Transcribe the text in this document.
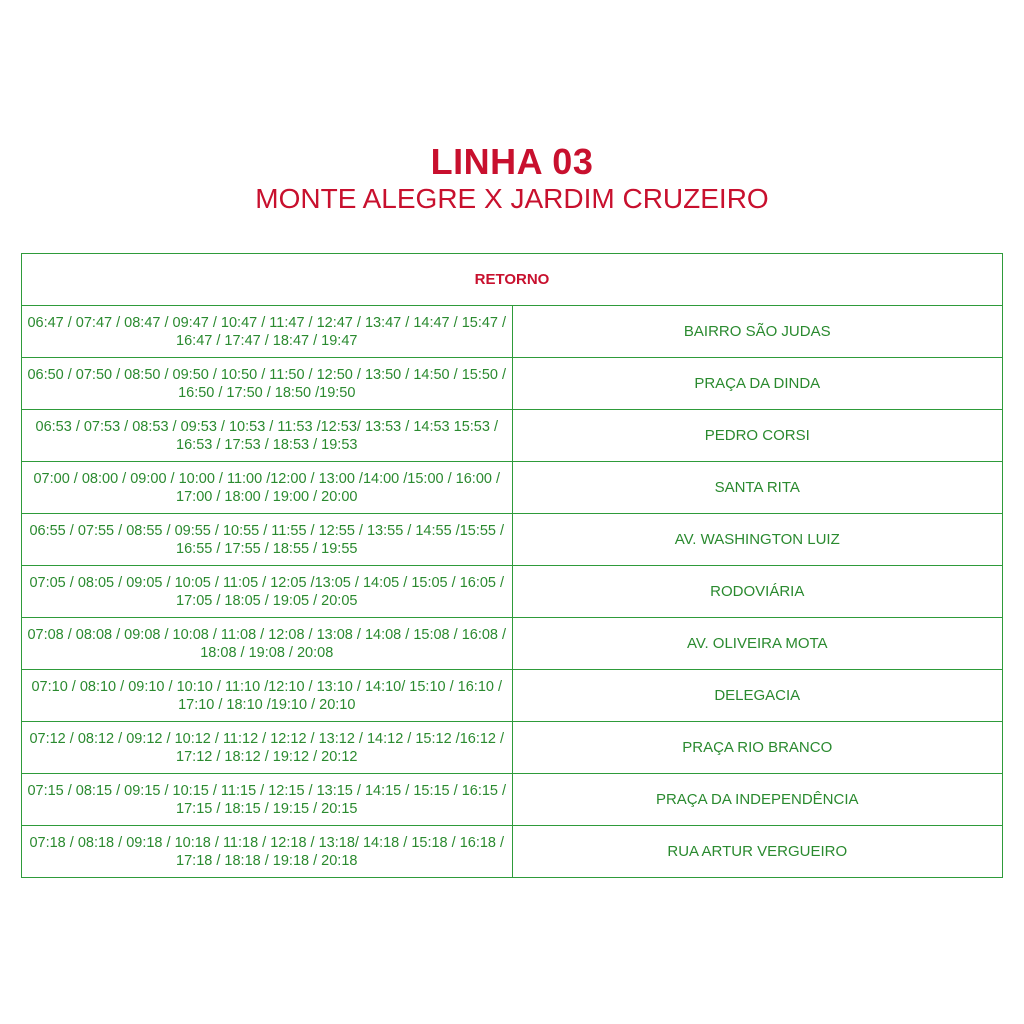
LINHA 03
MONTE ALEGRE X JARDIM CRUZEIRO
RETORNO	
06:47 / 07:47 / 08:47 / 09:47 / 10:47 / 11:47 / 12:47 / 13:47 / 14:47 / 15:47 / 16:47 / 17:47 / 18:47 / 19:47	BAIRRO SÃO JUDAS
06:50 / 07:50 / 08:50 / 09:50 / 10:50 / 11:50 / 12:50 / 13:50 / 14:50 / 15:50 / 16:50 / 17:50 / 18:50 /19:50	PRAÇA DA DINDA
06:53 / 07:53 / 08:53 / 09:53 / 10:53 / 11:53 /12:53/ 13:53 / 14:53 15:53 / 16:53 / 17:53 / 18:53 / 19:53	PEDRO CORSI
07:00 / 08:00 / 09:00 / 10:00 / 11:00 /12:00 / 13:00 /14:00 /15:00 / 16:00 / 17:00 / 18:00 / 19:00 / 20:00	SANTA RITA
06:55 / 07:55 / 08:55 / 09:55 / 10:55 / 11:55 / 12:55 / 13:55 / 14:55 /15:55 / 16:55 / 17:55 / 18:55 / 19:55	AV. WASHINGTON LUIZ
07:05 / 08:05 / 09:05 / 10:05 / 11:05 / 12:05 /13:05 / 14:05 / 15:05 / 16:05 / 17:05 / 18:05 / 19:05 / 20:05	RODOVIÁRIA
07:08 / 08:08 / 09:08 / 10:08 / 11:08 / 12:08 / 13:08 / 14:08 / 15:08 / 16:08 / 18:08 / 19:08 / 20:08	AV. OLIVEIRA MOTA
07:10 / 08:10 / 09:10 / 10:10 / 11:10 /12:10 / 13:10 / 14:10/ 15:10 / 16:10 / 17:10 / 18:10 /19:10 / 20:10	DELEGACIA
07:12 / 08:12 / 09:12 / 10:12 / 11:12 / 12:12 / 13:12 / 14:12 / 15:12 /16:12 / 17:12 / 18:12 / 19:12 / 20:12	PRAÇA RIO BRANCO
07:15 / 08:15 / 09:15 / 10:15 / 11:15 / 12:15 / 13:15 / 14:15 / 15:15 / 16:15 / 17:15 / 18:15 / 19:15 / 20:15	PRAÇA DA INDEPENDÊNCIA
07:18 / 08:18 / 09:18 / 10:18 / 11:18 / 12:18 / 13:18/ 14:18 / 15:18 / 16:18 / 17:18 / 18:18 / 19:18 / 20:18	RUA ARTUR VERGUEIRO
